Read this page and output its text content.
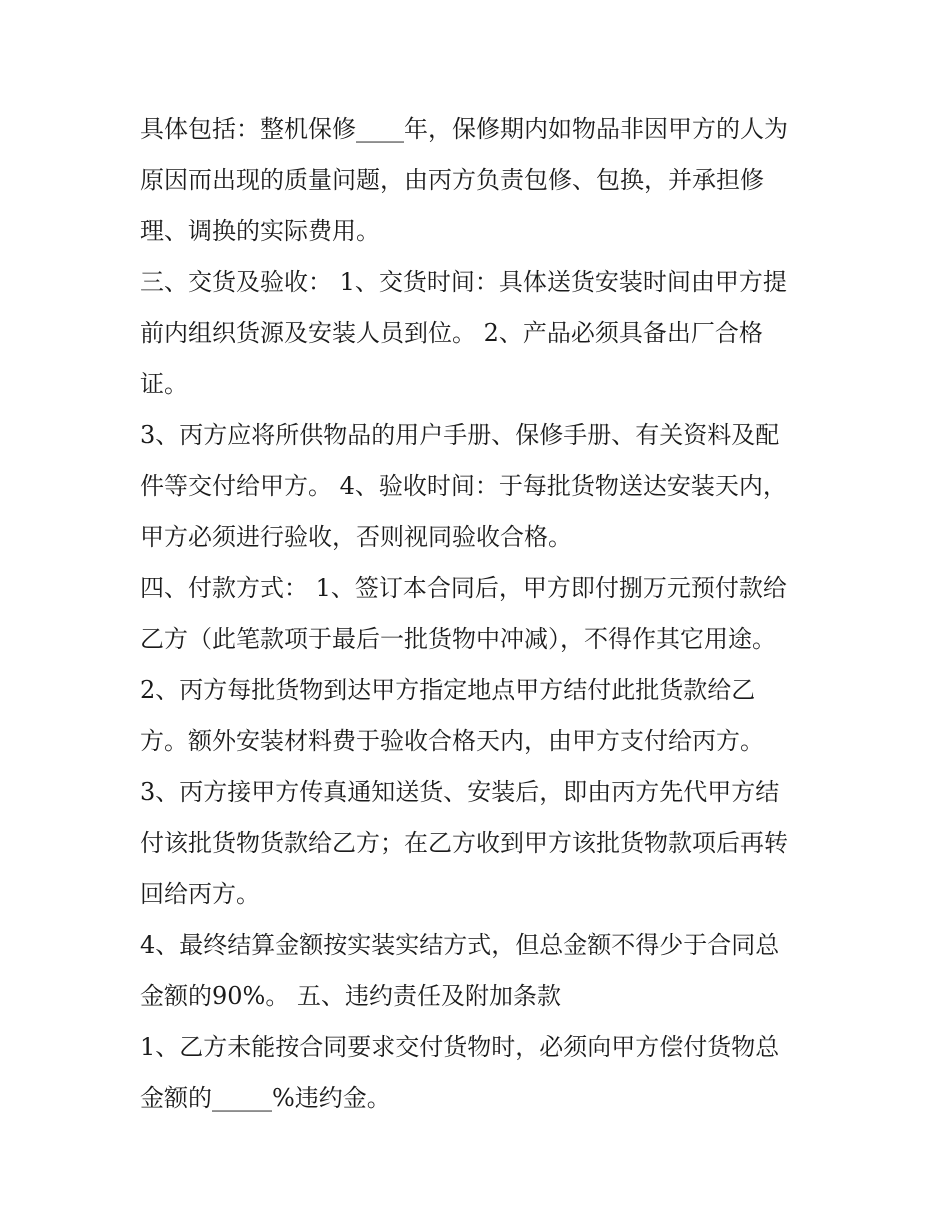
具体包括：整机保修____年，保修期内如物品非因甲方的人为
原因而出现的质量问题，由丙方负责包修、包换，并承担修
理、调换的实际费用。
三、交货及验收： 1、交货时间：具体送货安装时间由甲方提
前内组织货源及安装人员到位。 2、产品必须具备出厂合格
证。
3、丙方应将所供物品的用户手册、保修手册、有关资料及配
件等交付给甲方。 4、验收时间：于每批货物送达安装天内，
甲方必须进行验收，否则视同验收合格。
四、付款方式： 1、签订本合同后，甲方即付捌万元预付款给
乙方（此笔款项于最后一批货物中冲减），不得作其它用途。
2、丙方每批货物到达甲方指定地点甲方结付此批货款给乙
方。额外安装材料费于验收合格天内，由甲方支付给丙方。
3、丙方接甲方传真通知送货、安装后，即由丙方先代甲方结
付该批货物货款给乙方；在乙方收到甲方该批货物款项后再转
回给丙方。
4、最终结算金额按实装实结方式，但总金额不得少于合同总
金额的90%。 五、违约责任及附加条款
1、乙方未能按合同要求交付货物时，必须向甲方偿付货物总
金额的_____%违约金。
